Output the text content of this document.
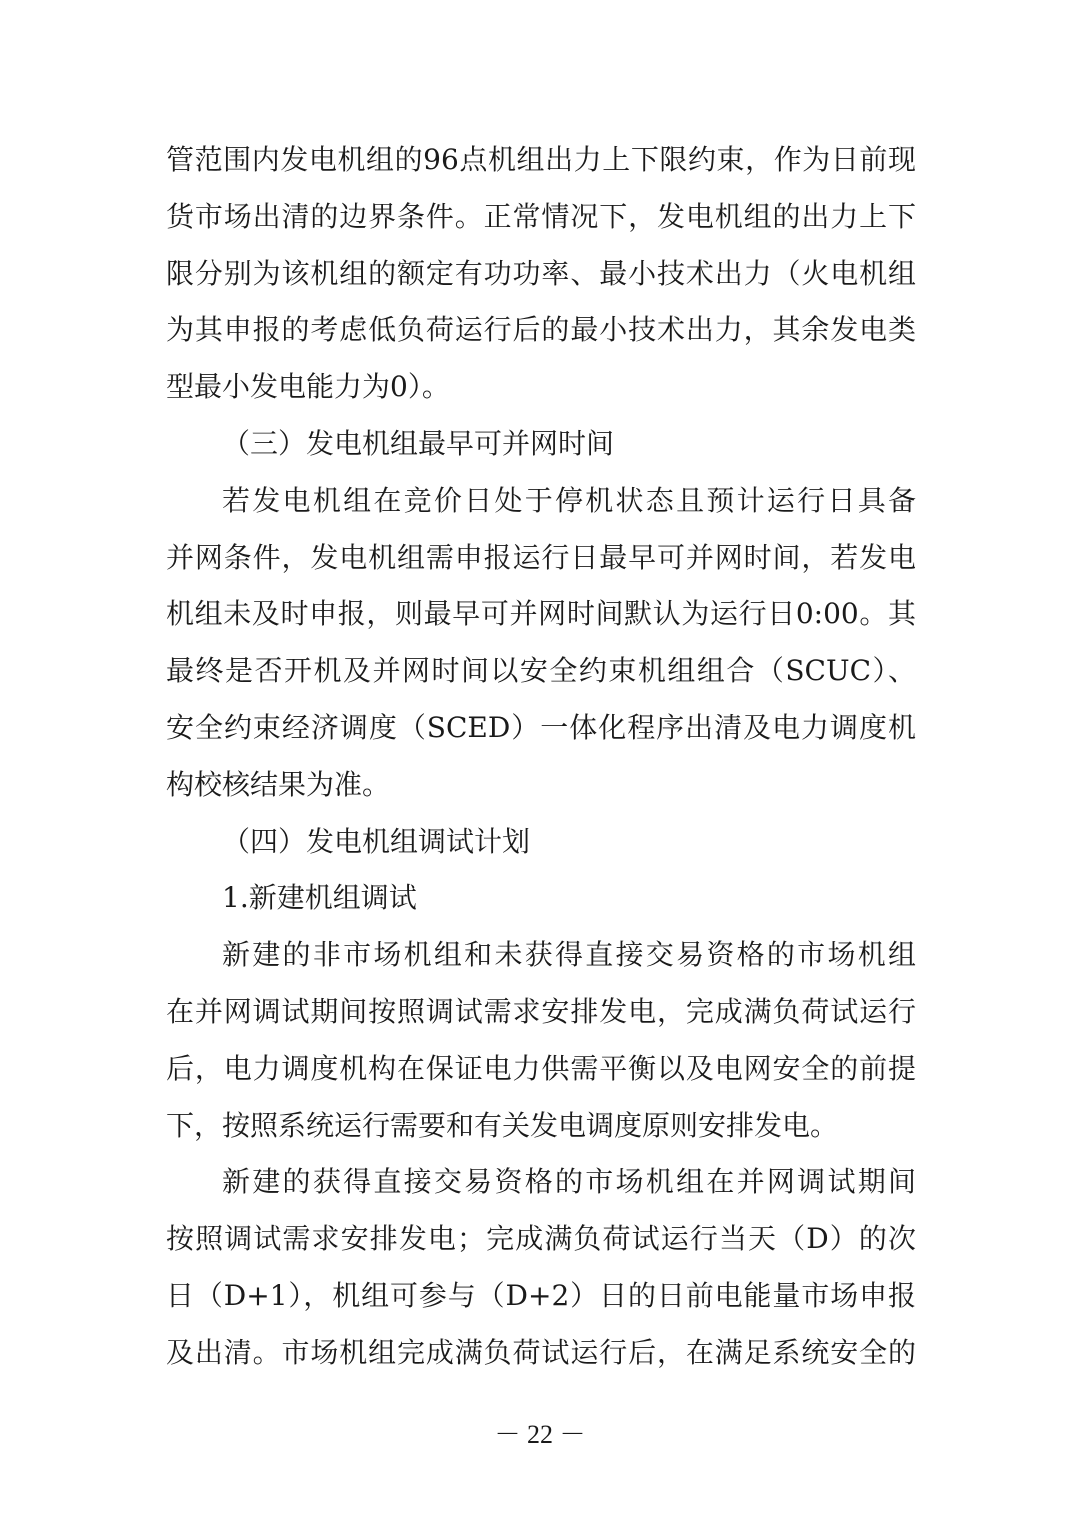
管范围内发电机组的96点机组出力上下限约束，作为日前现
货市场出清的边界条件。正常情况下，发电机组的出力上下
限分别为该机组的额定有功功率、最小技术出力（火电机组
为其申报的考虑低负荷运行后的最小技术出力，其余发电类
型最小发电能力为0）。
（三）发电机组最早可并网时间
若发电机组在竞价日处于停机状态且预计运行日具备
并网条件，发电机组需申报运行日最早可并网时间，若发电
机组未及时申报，则最早可并网时间默认为运行日0:00。其
最终是否开机及并网时间以安全约束机组组合（SCUC）、
安全约束经济调度（SCED）一体化程序出清及电力调度机
构校核结果为准。
（四）发电机组调试计划
1.新建机组调试
新建的非市场机组和未获得直接交易资格的市场机组
在并网调试期间按照调试需求安排发电，完成满负荷试运行
后，电力调度机构在保证电力供需平衡以及电网安全的前提
下，按照系统运行需要和有关发电调度原则安排发电。
新建的获得直接交易资格的市场机组在并网调试期间
按照调试需求安排发电；完成满负荷试运行当天（D）的次
日（D+1），机组可参与（D+2）日的日前电能量市场申报
及出清。市场机组完成满负荷试运行后，在满足系统安全的
－ 22 －
